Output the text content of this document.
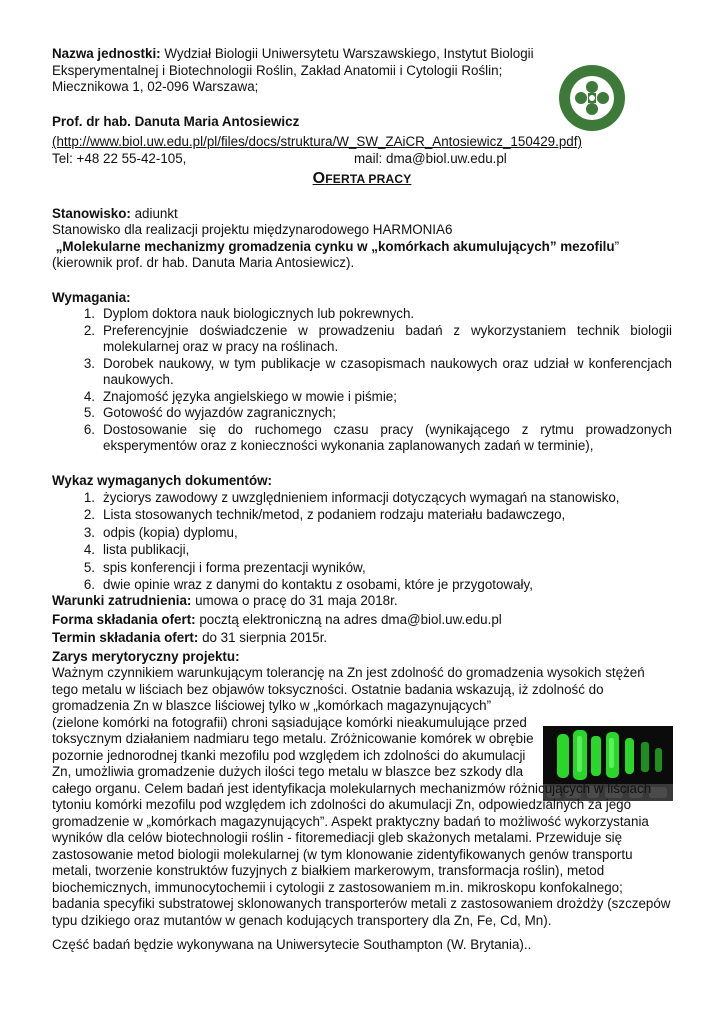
Nazwa jednostki: Wydział Biologii Uniwersytetu Warszawskiego, Instytut Biologii
Eksperymentalnej i Biotechnologii Roślin, Zakład Anatomii i Cytologii Roślin;
Miecznikowa 1, 02-096 Warszawa;
Prof. dr hab. Danuta Maria Antosiewicz
(http://www.biol.uw.edu.pl/pl/files/docs/struktura/W_SW_ZAiCR_Antosiewicz_150429.pdf)
Tel: +48 22 55-42-105,	mail: dma@biol.uw.edu.pl
OFERTA PRACY
Stanowisko: adiunkt
Stanowisko dla realizacji projektu międzynarodowego HARMONIA6
„Molekularne mechanizmy gromadzenia cynku w „komórkach akumulujących” mezofilu”
(kierownik prof. dr hab. Danuta Maria Antosiewicz).
Wymagania:
1. Dyplom doktora nauk biologicznych lub pokrewnych.
2. Preferencyjnie doświadczenie w prowadzeniu badań z wykorzystaniem technik biologii molekularnej oraz w pracy na roślinach.
3. Dorobek naukowy, w tym publikacje w czasopismach naukowych oraz udział w konferencjach naukowych.
4. Znajomość języka angielskiego w mowie i piśmie;
5. Gotowość do wyjazdów zagranicznych;
6. Dostosowanie się do ruchomego czasu pracy (wynikającego z rytmu prowadzonych eksperymentów oraz z konieczności wykonania zaplanowanych zadań w terminie),
Wykaz wymaganych dokumentów:
1. życiorys zawodowy z uwzględnieniem informacji dotyczących wymagań na stanowisko,
2. Lista stosowanych technik/metod, z podaniem rodzaju materiału badawczego,
3. odpis (kopia) dyplomu,
4. lista publikacji,
5. spis konferencji i forma prezentacji wyników,
6. dwie opinie wraz z danymi do kontaktu z osobami, które je przygotowały,
Warunki zatrudnienia: umowa o pracę do 31 maja 2018r.
Forma składania ofert: pocztą elektroniczną na adres dma@biol.uw.edu.pl
Termin składania ofert: do 31 sierpnia 2015r.
Zarys merytoryczny projektu:
Ważnym czynnikiem warunkującym tolerancję na Zn jest zdolność do gromadzenia wysokich stężeń
tego metalu w liściach bez objawów toksyczności. Ostatnie badania wskazują, iż zdolność do
gromadzenia Zn w blaszce liściowej tylko w „komórkach magazynujących”
(zielone komórki na fotografii) chroni sąsiadujące komórki nieakumulujące przed
toksycznym działaniem nadmiaru tego metalu. Zróżnicowanie komórek w obrębie
pozornie jednorodnej tkanki mezofilu pod względem ich zdolności do akumulacji
Zn, umożliwia gromadzenie dużych ilości tego metalu w blaszce bez szkody dla
całego organu. Celem badań jest identyfikacja molekularnych mechanizmów różnicujących w liściach
tytoniu komórki mezofilu pod względem ich zdolności do akumulacji Zn, odpowiedzialnych za jego
gromadzenie w „komórkach magazynujących”. Aspekt praktyczny badań to możliwość wykorzystania
wyników dla celów biotechnologii roślin - fitoremediacji gleb skażonych metalami. Przewiduje się
zastosowanie metod biologii molekularnej (w tym klonowanie zidentyfikowanych genów transportu
metali, tworzenie konstruktów fuzyjnych z białkiem markerowym, transformacja roślin), metod
biochemicznych, immunocytochemii i cytologii z zastosowaniem m.in. mikroskopu konfokalnego;
badania specyfiki substratowej sklonowanych transporterów metali z zastosowaniem drożdży (szczepów
typu dzikiego oraz mutantów w genach kodujących transportery dla Zn, Fe, Cd, Mn).
Część badań będzie wykonywana na Uniwersytecie Southampton (W. Brytania)..
